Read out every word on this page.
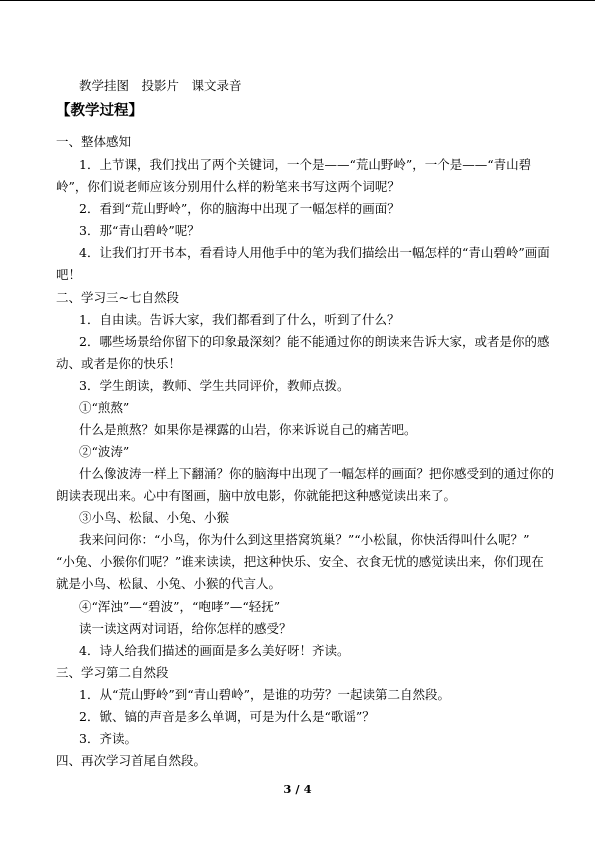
教学挂图　投影片　课文录音
【教学过程】
一、整体感知
1．上节课，我们找出了两个关键词，一个是——“荒山野岭”，一个是——“青山碧
岭”，你们说老师应该分别用什么样的粉笔来书写这两个词呢？
2．看到“荒山野岭”，你的脑海中出现了一幅怎样的画面？
3．那“青山碧岭”呢？
4．让我们打开书本，看看诗人用他手中的笔为我们描绘出一幅怎样的“青山碧岭”画面
吧！
二、学习三~七自然段
1．自由读。告诉大家，我们都看到了什么，听到了什么？
2．哪些场景给你留下的印象最深刻？能不能通过你的朗读来告诉大家，或者是你的感
动、或者是你的快乐！
3．学生朗读，教师、学生共同评价，教师点拨。
①“煎熬”
什么是煎熬？如果你是裸露的山岩，你来诉说自己的痛苦吧。
②“波涛”
什么像波涛一样上下翻涌？你的脑海中出现了一幅怎样的画面？把你感受到的通过你的
朗读表现出来。心中有图画，脑中放电影，你就能把这种感觉读出来了。
③小鸟、松鼠、小兔、小猴
我来问问你：“小鸟，你为什么到这里搭窝筑巢？”“小松鼠，你快活得叫什么呢？”
“小兔、小猴你们呢？”谁来读读，把这种快乐、安全、衣食无忧的感觉读出来，你们现在
就是小鸟、松鼠、小兔、小猴的代言人。
④“浑浊”—“碧波”，“咆哮”—“轻抚”
读一读这两对词语，给你怎样的感受？
4．诗人给我们描述的画面是多么美好呀！齐读。
三、学习第二自然段
1．从“荒山野岭”到“青山碧岭”，是谁的功劳？一起读第二自然段。
2．锨、镐的声音是多么单调，可是为什么是“歌谣”？
3．齐读。
四、再次学习首尾自然段。
3 / 4
